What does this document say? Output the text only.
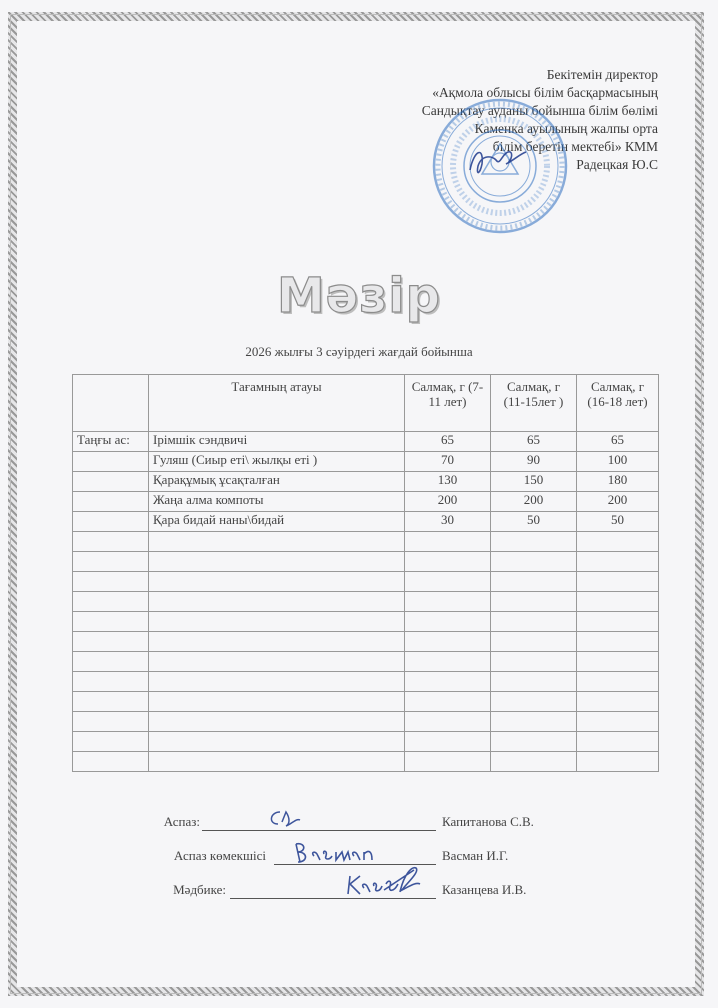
Бекітемін директор
«Ақмола облысы білім басқармасының
Сандықтау ауданы бойынша білім бөлімі
Каменка ауылының жалпы орта
білім беретін мектебі» КММ
Радецкая Ю.С
Мәзір
2026 жылғы 3 сәуірдегі жағдай бойынша
	Тағамның атауы	Салмақ, г (7-11 лет)	Салмақ, г (11-15лет )	Салмақ, г (16-18 лет)
Таңғы ас:	Ірімшік сэндвичі	65	65	65
	Гуляш (Сиыр еті\ жылқы еті )	70	90	100
	Қарақұмық ұсақталған	130	150	180
	Жаңа алма компоты	200	200	200
	Қара бидай наны\бидай	30	50	50

Аспаз:	Капитанова С.В.
Аспаз көмекшісі	Васман И.Г.
Мәдбике:	Казанцева И.В.
